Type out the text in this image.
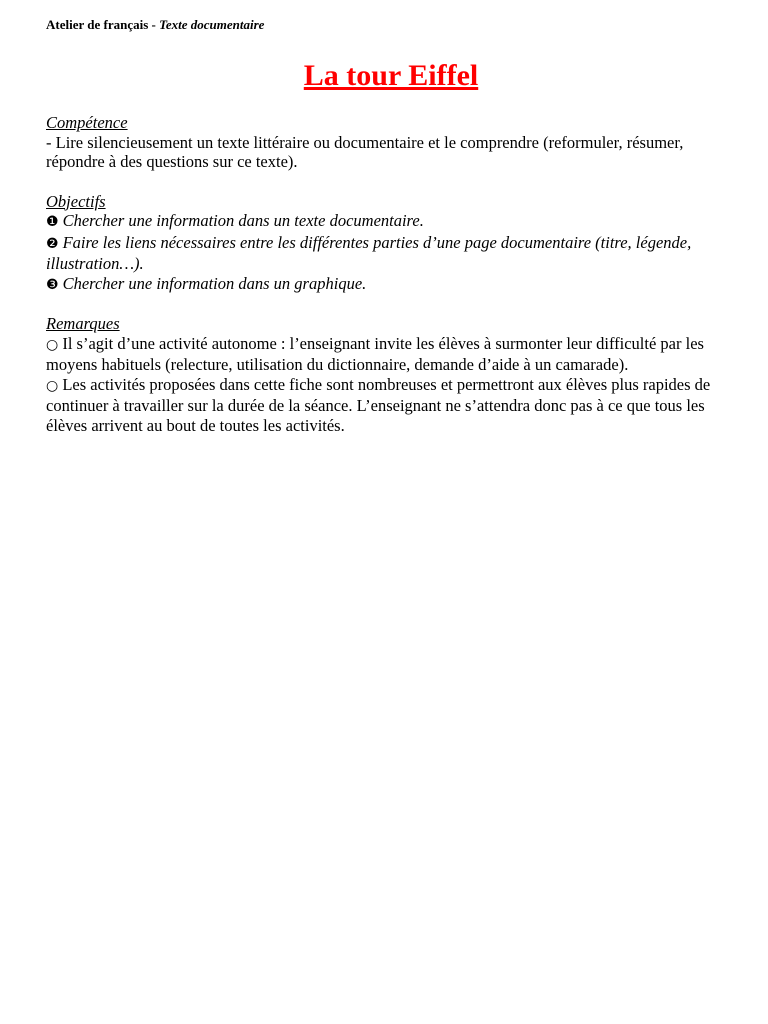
Atelier de français - Texte documentaire

La tour Eiffel
Compétence
- Lire silencieusement un texte littéraire ou documentaire et le comprendre (reformuler, résumer, répondre à des questions sur ce texte).
Objectifs
❶ Chercher une information dans un texte documentaire.
❷ Faire les liens nécessaires entre les différentes parties d’une page documentaire (titre, légende, illustration…).
❸ Chercher une information dans un graphique.
Remarques
○ Il s’agit d’une activité autonome : l’enseignant invite les élèves à surmonter leur difficulté par les moyens habituels (relecture, utilisation du dictionnaire, demande d’aide à un camarade).
○ Les activités proposées dans cette fiche sont nombreuses et permettront aux élèves plus rapides de continuer à travailler sur la durée de la séance. L’enseignant ne s’attendra donc pas à ce que tous les élèves arrivent au bout de toutes les activités.
